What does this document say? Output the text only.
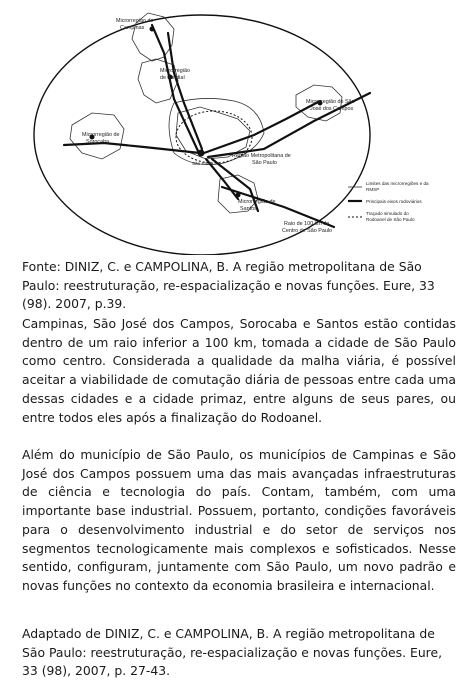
Microrregião de Campinas
Microrregião de Jundiaí
Microrregião de São José dos Campos
Microrregião de Sorocaba
Região Metropolitana de São Paulo
São Paulo
Microrregião de Santos
Raio de 100 km do Centro de São Paulo
Limites das microrregiões e da RMSP
Principais eixos rodoviários
Traçado simulado do Rodoanel de São Paulo

Fonte: DINIZ, C. e CAMPOLINA, B. A região metropolitana de São Paulo: reestruturação, re-espacialização e novas funções. Eure, 33 (98). 2007, p.39.

Campinas, São José dos Campos, Sorocaba e Santos estão contidas dentro de um raio inferior a 100 km, tomada a cidade de São Paulo como centro. Considerada a qualidade da malha viária, é possível aceitar a viabilidade de comutação diária de pessoas entre cada uma dessas cidades e a cidade primaz, entre alguns de seus pares, ou entre todos eles após a finalização do Rodoanel.

Além do município de São Paulo, os municípios de Campinas e São José dos Campos possuem uma das mais avançadas infraestruturas de ciência e tecnologia do país. Contam, também, com uma importante base industrial. Possuem, portanto, condições favoráveis para o desenvolvimento industrial e do setor de serviços nos segmentos tecnologicamente mais complexos e sofisticados. Nesse sentido, configuram, juntamente com São Paulo, um novo padrão e novas funções no contexto da economia brasileira e internacional.

Adaptado de DINIZ, C. e CAMPOLINA, B. A região metropolitana de São Paulo: reestruturação, re-espacialização e novas funções. Eure, 33 (98), 2007, p. 27-43.
